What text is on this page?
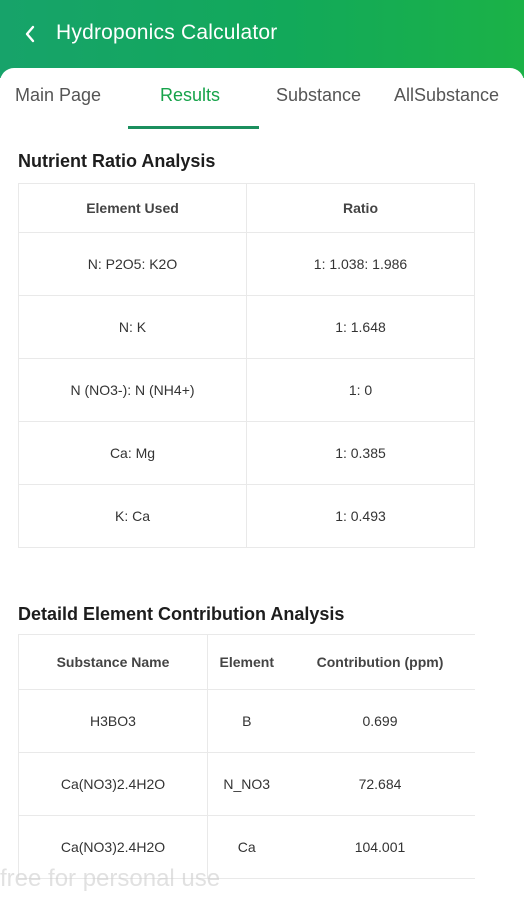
Hydroponics Calculator
Main Page	Results	Substance AllSubstance
Nutrient Ratio Analysis
Element Used	Ratio
N: P2O5: K2O	1: 1.038: 1.986
N: K	1: 1.648
N (NO3-): N (NH4+)	1: 0
Ca: Mg	1: 0.385
K: Ca	1: 0.493
Detaild Element Contribution Analysis
Substance Name	Element	Contribution (ppm)
H3BO3	B	0.699
Ca(NO3)2.4H2O	N_NO3	72.684
Ca(NO3)2.4H2O	Ca	104.001
free for personal use
